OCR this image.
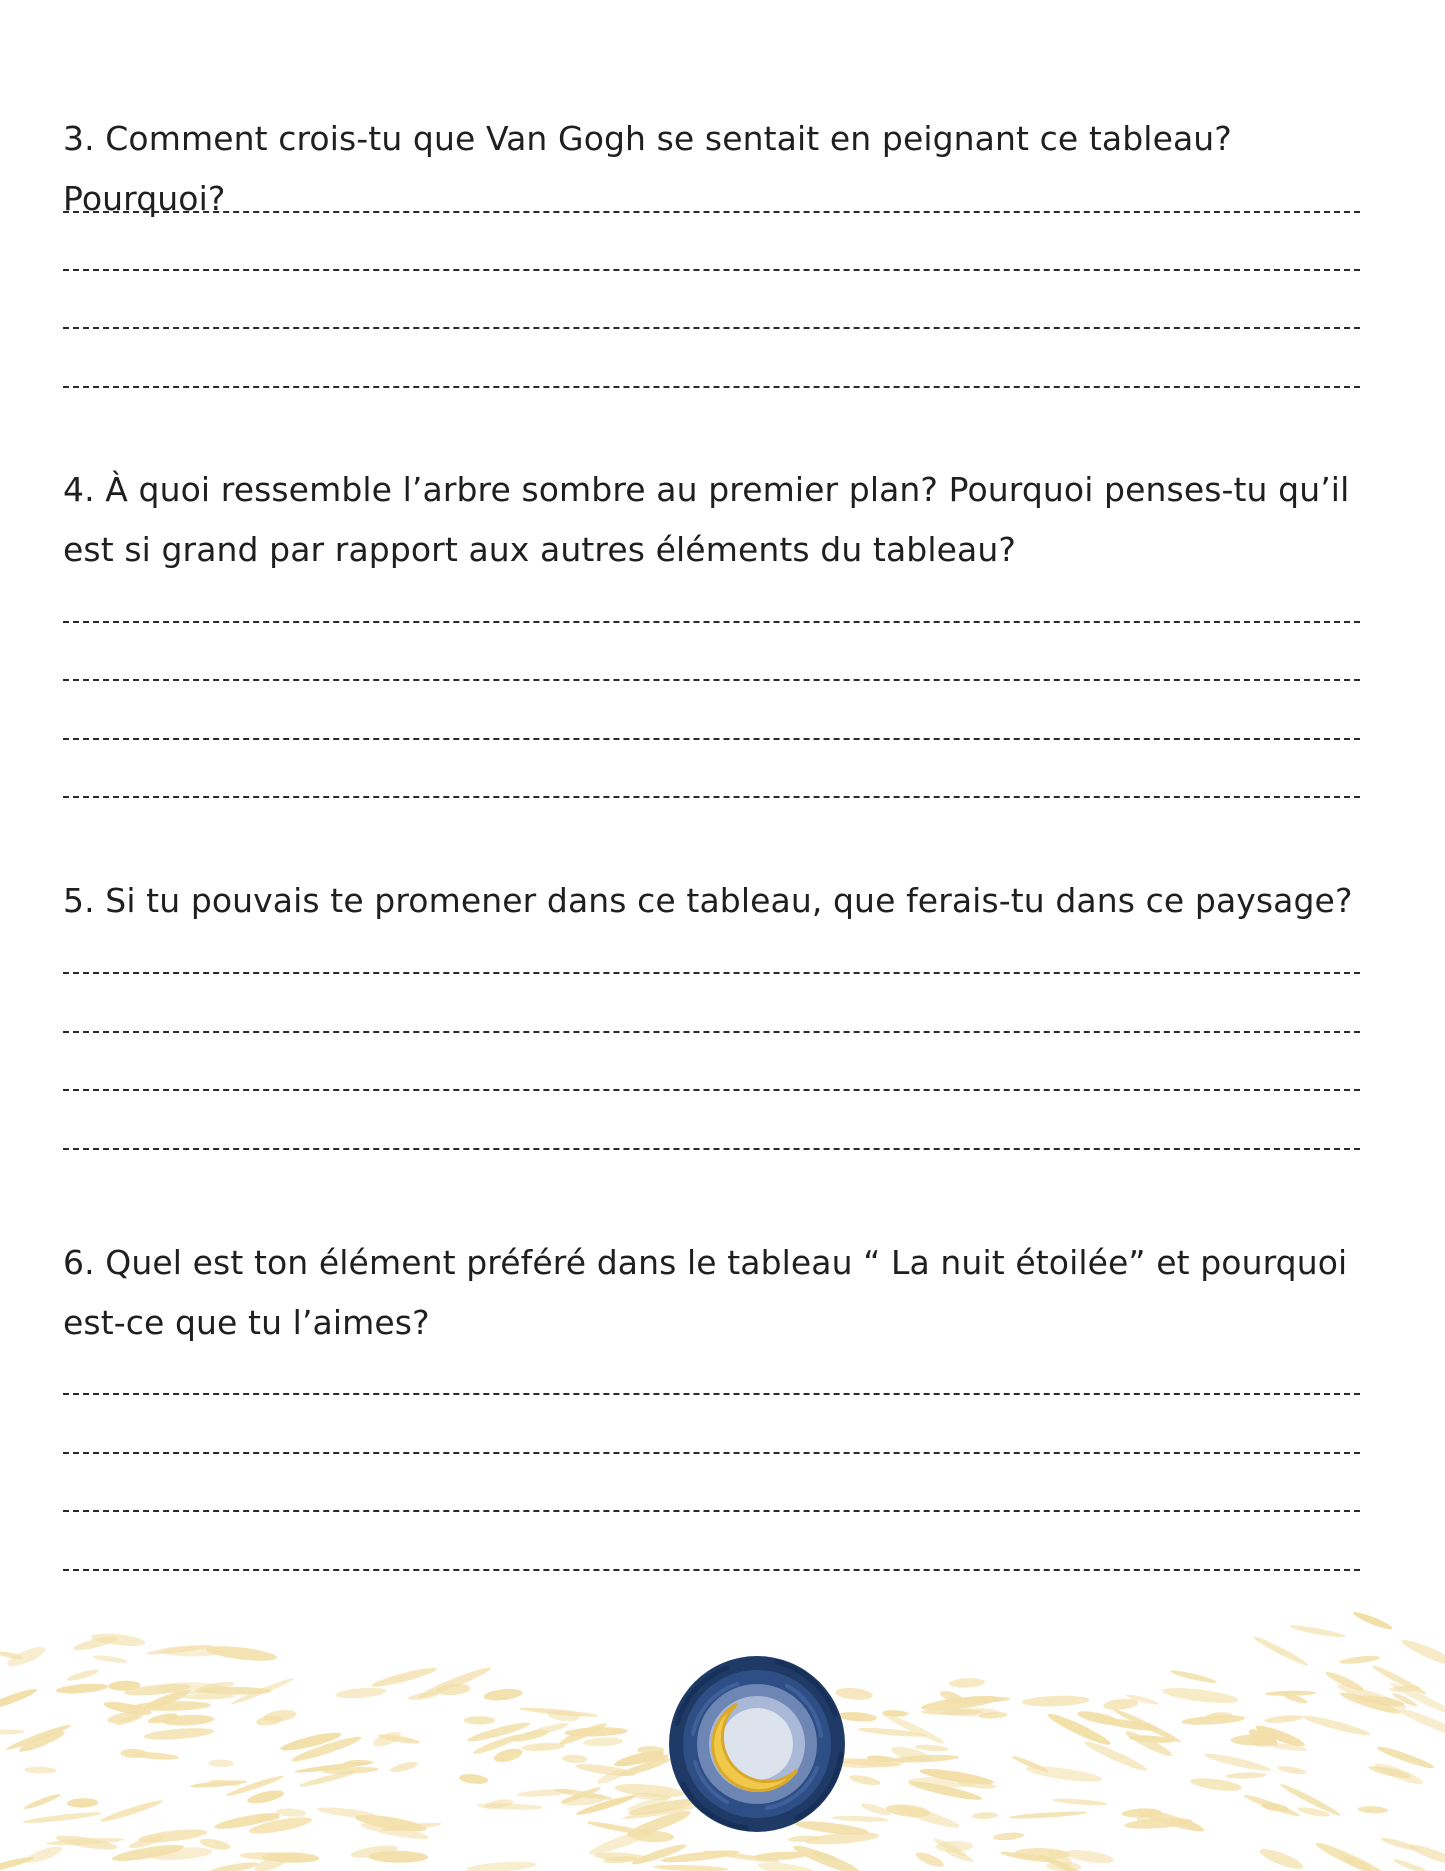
3. Comment crois-tu que Van Gogh se sentait en peignant ce tableau? Pourquoi?

4. À quoi ressemble l’arbre sombre au premier plan? Pourquoi penses-tu qu’il est si grand par rapport aux autres éléments du tableau?

5. Si tu pouvais te promener dans ce tableau, que ferais-tu dans ce paysage?

6. Quel est ton élément préféré dans le tableau “ La nuit étoilée” et pourquoi est-ce que tu l’aimes?
